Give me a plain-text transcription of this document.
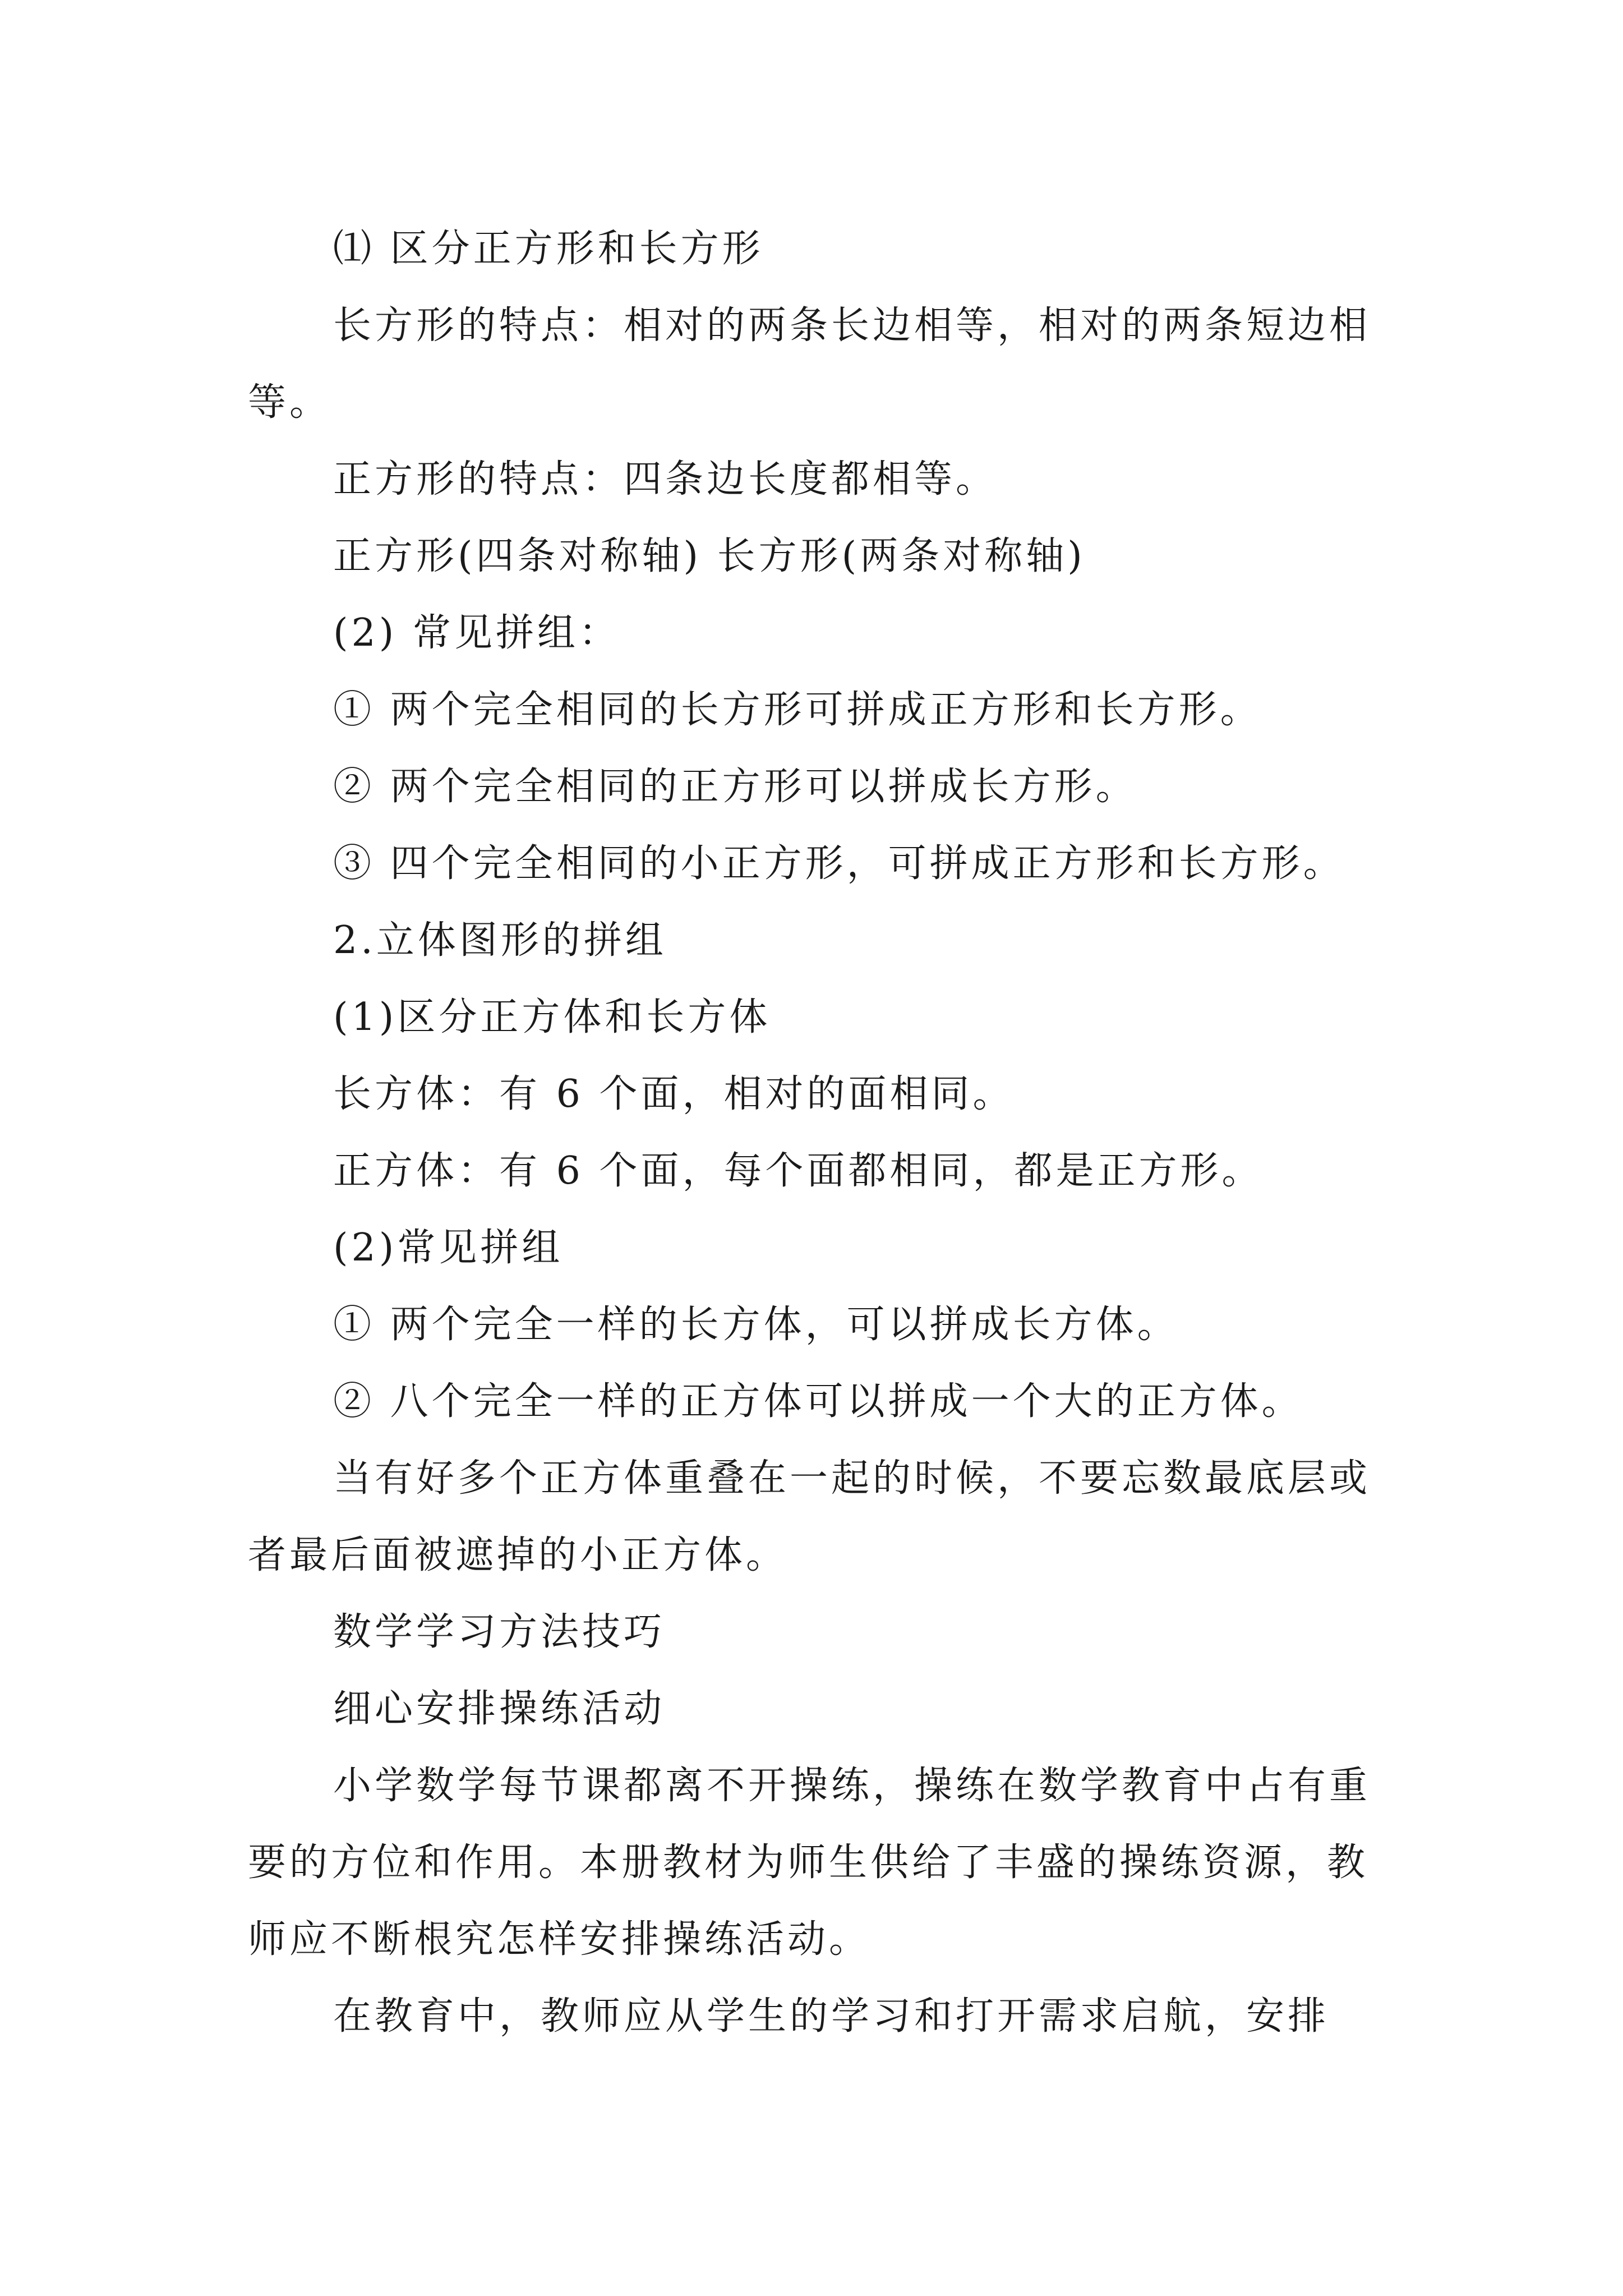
⑴ 区分正方形和长方形

长方形的特点：相对的两条长边相等，相对的两条短边相等。

正方形的特点：四条边长度都相等。

正方形(四条对称轴) 长方形(两条对称轴)

(2) 常见拼组：

① 两个完全相同的长方形可拼成正方形和长方形。

② 两个完全相同的正方形可以拼成长方形。

③ 四个完全相同的小正方形，可拼成正方形和长方形。

2.立体图形的拼组

(1)区分正方体和长方体

长方体：有 6 个面，相对的面相同。

正方体：有 6 个面，每个面都相同，都是正方形。

(2)常见拼组

① 两个完全一样的长方体，可以拼成长方体。

② 八个完全一样的正方体可以拼成一个大的正方体。

当有好多个正方体重叠在一起的时候，不要忘数最底层或者最后面被遮掉的小正方体。

数学学习方法技巧

细心安排操练活动

小学数学每节课都离不开操练，操练在数学教育中占有重要的方位和作用。本册教材为师生供给了丰盛的操练资源，教师应不断根究怎样安排操练活动。

在教育中，教师应从学生的学习和打开需求启航，安排
